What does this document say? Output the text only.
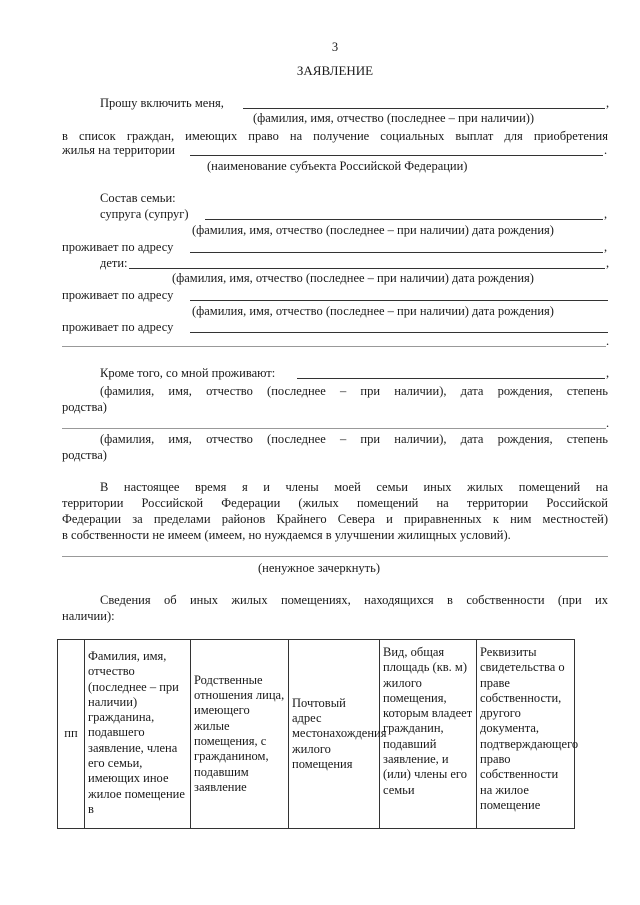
3
ЗАЯВЛЕНИЕ
Прошу включить меня,	,
(фамилия, имя, отчество (последнее – при наличии))
в список граждан, имеющих право на получение социальных выплат для приобретения
жилья на территории	.
(наименование субъекта Российской Федерации)
Состав семьи:
супруга (супруг)	,
(фамилия, имя, отчество (последнее – при наличии) дата рождения)
проживает по адресу	,
дети:	,
(фамилия, имя, отчество (последнее – при наличии) дата рождения)
проживает по адресу
(фамилия, имя, отчество (последнее – при наличии) дата рождения)
проживает по адресу
.
Кроме того, со мной проживают:	,
(фамилия, имя, отчество (последнее – при наличии), дата рождения, степень
родства)
.
(фамилия, имя, отчество (последнее – при наличии), дата рождения, степень
родства)
В настоящее время я и члены моей семьи иных жилых помещений на
территории Российской Федерации (жилых помещений на территории Российской
Федерации за пределами районов Крайнего Севера и приравненных к ним местностей)
в собственности не имеем (имеем, но нуждаемся в улучшении жилищных условий).
(ненужное зачеркнуть)
Сведения об иных жилых помещениях, находящихся в собственности (при их
наличии):
пп	Фамилия, имя, отчество (последнее – при наличии) гражданина, подавшего заявление, члена его семьи, имеющих иное жилое помещение в	Родственные отношения лица, имеющего жилые помещения, с гражданином, подавшим заявление	Почтовый адрес местонахождения жилого помещения	Вид, общая площадь (кв. м) жилого помещения, которым владеет гражданин, подавший заявление, и (или) члены его семьи	Реквизиты свидетельства о праве собственности, другого документа, подтверждающего право собственности на жилое помещение
